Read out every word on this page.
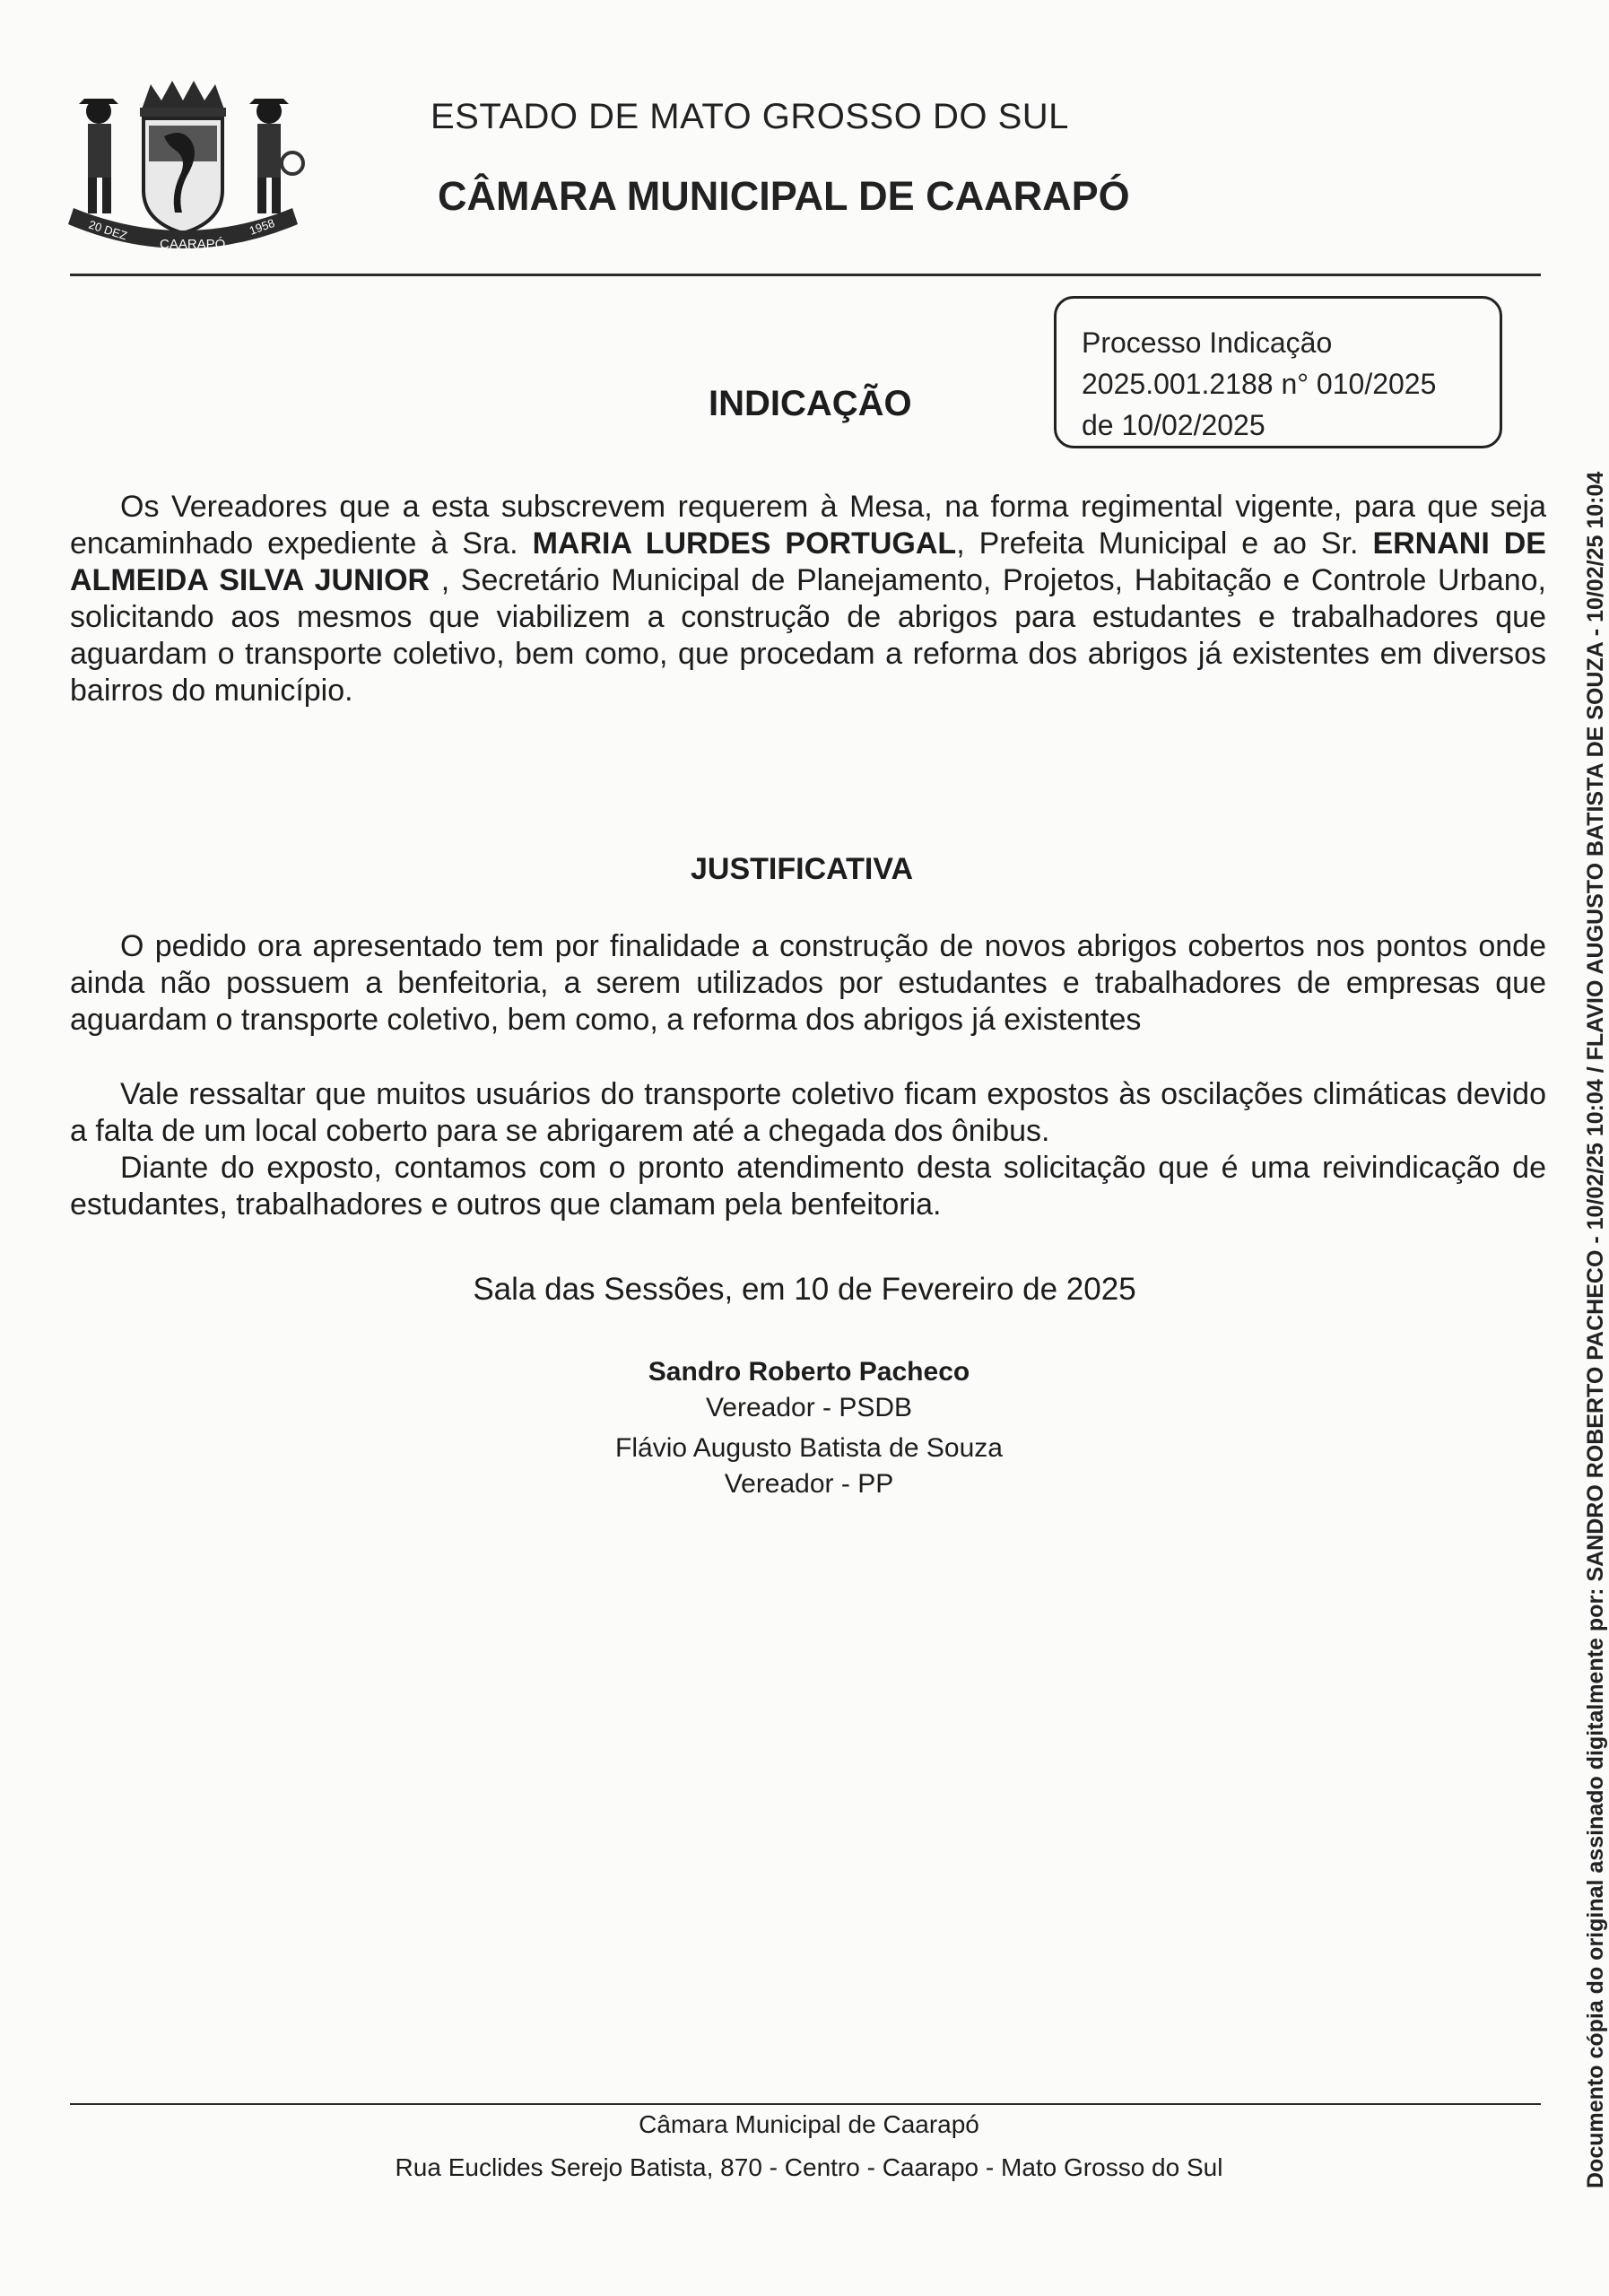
20 DEZ
CAARAPÓ
1958
ESTADO DE MATO GROSSO DO SUL
CÂMARA MUNICIPAL DE CAARAPÓ
Processo Indicação
2025.001.2188 n° 010/2025
de 10/02/2025
INDICAÇÃO

Os Vereadores que a esta subscrevem requerem à Mesa, na forma regimental vigente, para que seja encaminhado expediente à Sra. MARIA LURDES PORTUGAL, Prefeita Municipal e ao Sr. ERNANI DE ALMEIDA SILVA JUNIOR , Secretário Municipal de Planejamento, Projetos, Habitação e Controle Urbano, solicitando aos mesmos que viabilizem a construção de abrigos para estudantes e trabalhadores que aguardam o transporte coletivo, bem como, que procedam a reforma dos abrigos já existentes em diversos bairros do município.

JUSTIFICATIVA

O pedido ora apresentado tem por finalidade a construção de novos abrigos cobertos nos pontos onde ainda não possuem a benfeitoria, a serem utilizados por estudantes e trabalhadores de empresas que aguardam o transporte coletivo, bem como, a reforma dos abrigos já existentes

Vale ressaltar que muitos usuários do transporte coletivo ficam expostos às oscilações climáticas devido a falta de um local coberto para se abrigarem até a chegada dos ônibus.

Diante do exposto, contamos com o pronto atendimento desta solicitação que é uma reivindicação de estudantes, trabalhadores e outros que clamam pela benfeitoria.

Sala das Sessões, em 10 de Fevereiro de 2025
Sandro Roberto Pacheco
Vereador - PSDB
Flávio Augusto Batista de Souza
Vereador - PP
Câmara Municipal de Caarapó
Rua Euclides Serejo Batista, 870 - Centro - Caarapo - Mato Grosso do Sul	Documento cópia do original assinado digitalmente por: SANDRO ROBERTO PACHECO - 10/02/25 10:04 / FLAVIO AUGUSTO BATISTA DE SOUZA - 10/02/25 10:04
